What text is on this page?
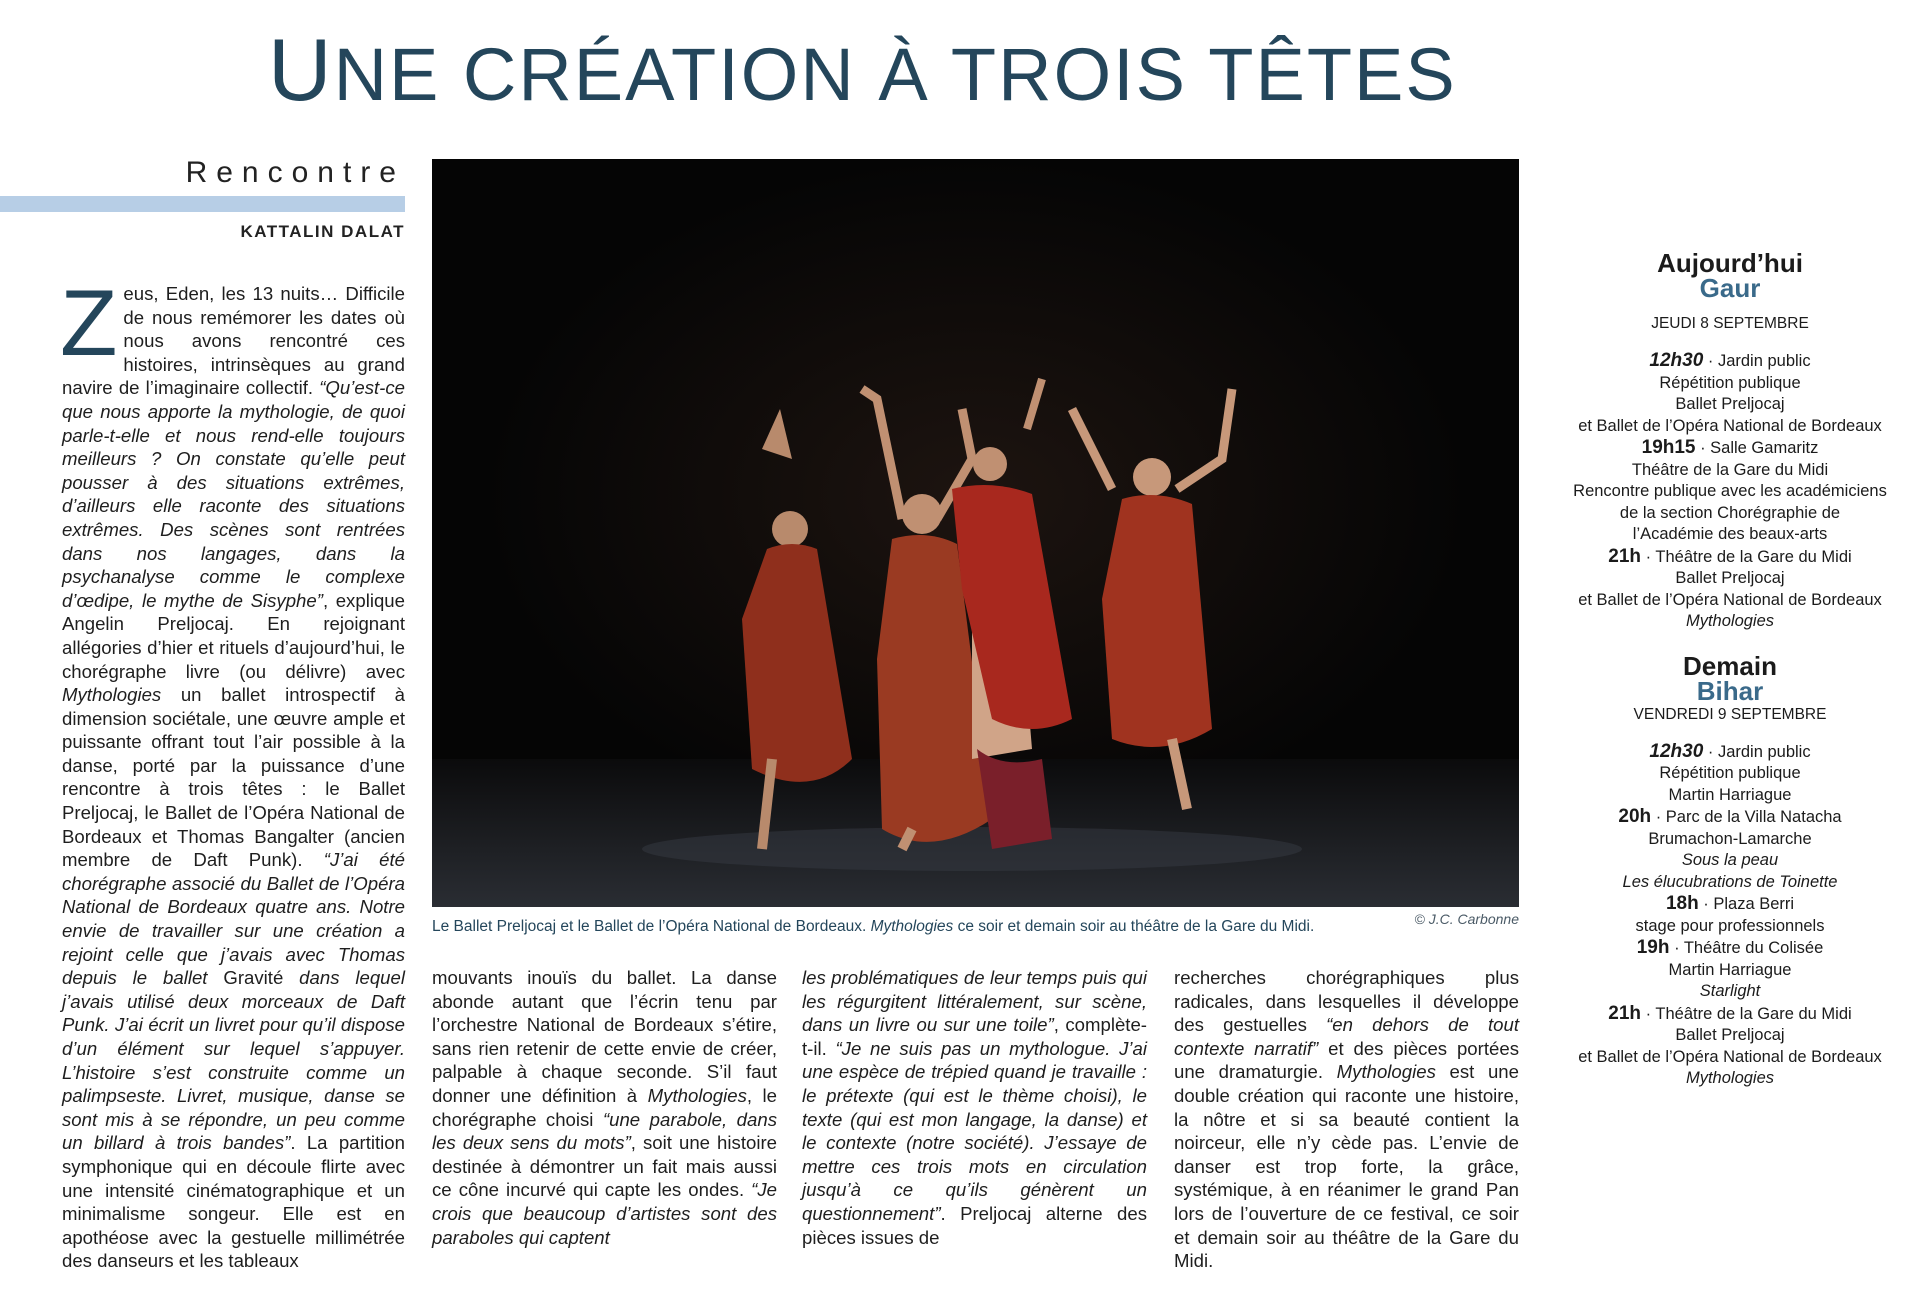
UNE CRÉATION À TROIS TÊTES
Rencontre
KATTALIN DALAT

Zeus, Eden, les 13 nuits… Difficile de nous remémorer les dates où nous avons rencontré ces histoires, intrinsèques au grand navire de l’imaginaire collectif. “Qu’est-ce que nous apporte la mythologie, de quoi parle-t-elle et nous rend-elle toujours meilleurs ? On constate qu’elle peut pousser à des situations extrêmes, d’ailleurs elle raconte des situations extrêmes. Des scènes sont rentrées dans nos langages, dans la psychanalyse comme le complexe d’œdipe, le mythe de Sisyphe”, explique Angelin Preljocaj. En rejoignant allégories d’hier et rituels d’aujourd’hui, le chorégraphe livre (ou délivre) avec Mythologies un ballet introspectif à dimension sociétale, une œuvre ample et puissante offrant tout l’air possible à la danse, porté par la puissance d’une rencontre à trois têtes : le Ballet Preljocaj, le Ballet de l’Opéra National de Bordeaux et Thomas Bangalter (ancien membre de Daft Punk). “J’ai été chorégraphe associé du Ballet de l’Opéra National de Bordeaux quatre ans. Notre envie de travailler sur une création a rejoint celle que j’avais avec Thomas depuis le ballet Gravité dans lequel j’avais utilisé deux morceaux de Daft Punk. J’ai écrit un livret pour qu’il dispose d’un élément sur lequel s’appuyer. L’histoire s’est construite comme un palimpseste. Livret, musique, danse se sont mis à se répondre, un peu comme un billard à trois bandes”. La partition symphonique qui en découle flirte avec une intensité cinématographique et un minimalisme songeur. Elle est en apothéose avec la gestuelle millimétrée des danseurs et les tableaux

Le Ballet Preljocaj et le Ballet de l’Opéra National de Bordeaux. Mythologies ce soir et demain soir au théâtre de la Gare du Midi.	© J.C. Carbonne

mouvants inouïs du ballet. La danse abonde autant que l’écrin tenu par l’orchestre National de Bordeaux s’étire, sans rien retenir de cette envie de créer, palpable à chaque seconde. S’il faut donner une définition à Mythologies, le chorégraphe choisi “une parabole, dans les deux sens du mots”, soit une histoire destinée à démontrer un fait mais aussi ce cône incurvé qui capte les ondes. “Je crois que beaucoup d’artistes sont des paraboles qui captent

les problématiques de leur temps puis qui les régurgitent littéralement, sur scène, dans un livre ou sur une toile”, complète-t-il. “Je ne suis pas un mythologue. J’ai une espèce de trépied quand je travaille : le prétexte (qui est le thème choisi), le texte (qui est mon langage, la danse) et le contexte (notre société). J’essaye de mettre ces trois mots en circulation jusqu’à ce qu’ils génèrent un questionnement”. Preljocaj alterne des pièces issues de

recherches chorégraphiques plus radicales, dans lesquelles il développe des gestuelles “en dehors de tout contexte narratif” et des pièces portées une dramaturgie. Mythologies est une double création qui raconte une histoire, la nôtre et si sa beauté contient la noirceur, elle n’y cède pas. L’envie de danser est trop forte, la grâce, systémique, à en réanimer le grand Pan lors de l’ouverture de ce festival, ce soir et demain soir au théâtre de la Gare du Midi.

Aujourd’hui
Gaur
JEUDI 8 SEPTEMBRE
12h30 · Jardin public
Répétition publique
Ballet Preljocaj
et Ballet de l’Opéra National de Bordeaux
19h15 · Salle Gamaritz
Théâtre de la Gare du Midi
Rencontre publique avec les académiciens
de la section Chorégraphie de
l’Académie des beaux-arts
21h · Théâtre de la Gare du Midi
Ballet Preljocaj
et Ballet de l’Opéra National de Bordeaux
Mythologies
Demain
Bihar
VENDREDI 9 SEPTEMBRE
12h30 · Jardin public
Répétition publique
Martin Harriague
20h · Parc de la Villa Natacha
Brumachon-Lamarche
Sous la peau
Les élucubrations de Toinette
18h · Plaza Berri
stage pour professionnels
19h · Théâtre du Colisée
Martin Harriague
Starlight
21h · Théâtre de la Gare du Midi
Ballet Preljocaj
et Ballet de l’Opéra National de Bordeaux
Mythologies
